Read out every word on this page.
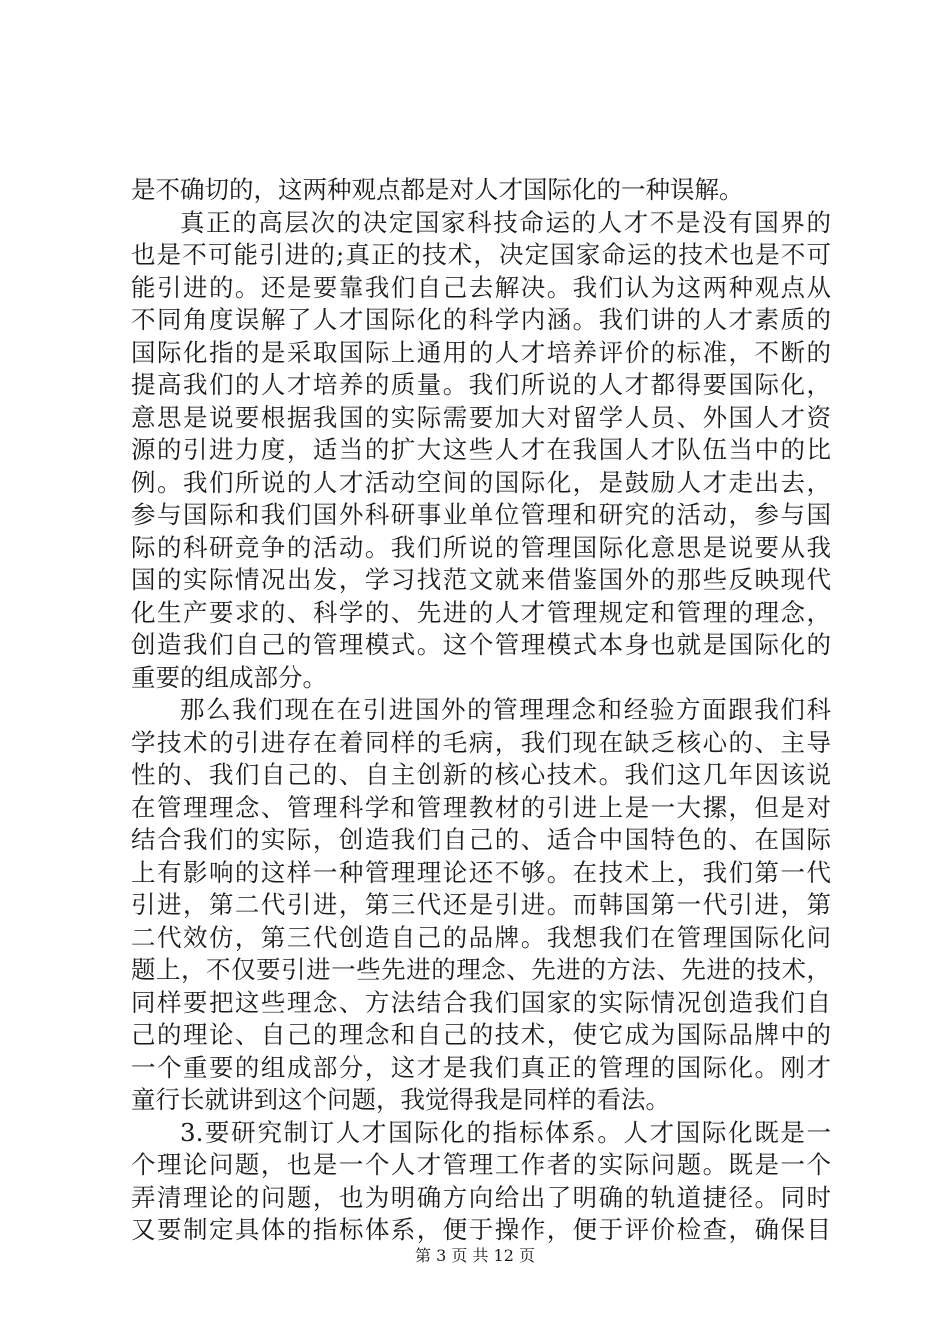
是不确切的，这两种观点都是对人才国际化的一种误解。
真正的高层次的决定国家科技命运的人才不是没有国界的
也是不可能引进的;真正的技术，决定国家命运的技术也是不可
能引进的。还是要靠我们自己去解决。我们认为这两种观点从
不同角度误解了人才国际化的科学内涵。我们讲的人才素质的
国际化指的是采取国际上通用的人才培养评价的标准，不断的
提高我们的人才培养的质量。我们所说的人才都得要国际化，
意思是说要根据我国的实际需要加大对留学人员、外国人才资
源的引进力度，适当的扩大这些人才在我国人才队伍当中的比
例。我们所说的人才活动空间的国际化，是鼓励人才走出去，
参与国际和我们国外科研事业单位管理和研究的活动，参与国
际的科研竞争的活动。我们所说的管理国际化意思是说要从我
国的实际情况出发，学习找范文就来借鉴国外的那些反映现代
化生产要求的、科学的、先进的人才管理规定和管理的理念，
创造我们自己的管理模式。这个管理模式本身也就是国际化的
重要的组成部分。
那么我们现在在引进国外的管理理念和经验方面跟我们科
学技术的引进存在着同样的毛病，我们现在缺乏核心的、主导
性的、我们自己的、自主创新的核心技术。我们这几年因该说
在管理理念、管理科学和管理教材的引进上是一大摞，但是对
结合我们的实际，创造我们自己的、适合中国特色的、在国际
上有影响的这样一种管理理论还不够。在技术上，我们第一代
引进，第二代引进，第三代还是引进。而韩国第一代引进，第
二代效仿，第三代创造自己的品牌。我想我们在管理国际化问
题上，不仅要引进一些先进的理念、先进的方法、先进的技术，
同样要把这些理念、方法结合我们国家的实际情况创造我们自
己的理论、自己的理念和自己的技术，使它成为国际品牌中的
一个重要的组成部分，这才是我们真正的管理的国际化。刚才
童行长就讲到这个问题，我觉得我是同样的看法。
3.要研究制订人才国际化的指标体系。人才国际化既是一
个理论问题，也是一个人才管理工作者的实际问题。既是一个
弄清理论的问题，也为明确方向给出了明确的轨道捷径。同时
又要制定具体的指标体系，便于操作，便于评价检查，确保目
第 3 页 共 12 页
